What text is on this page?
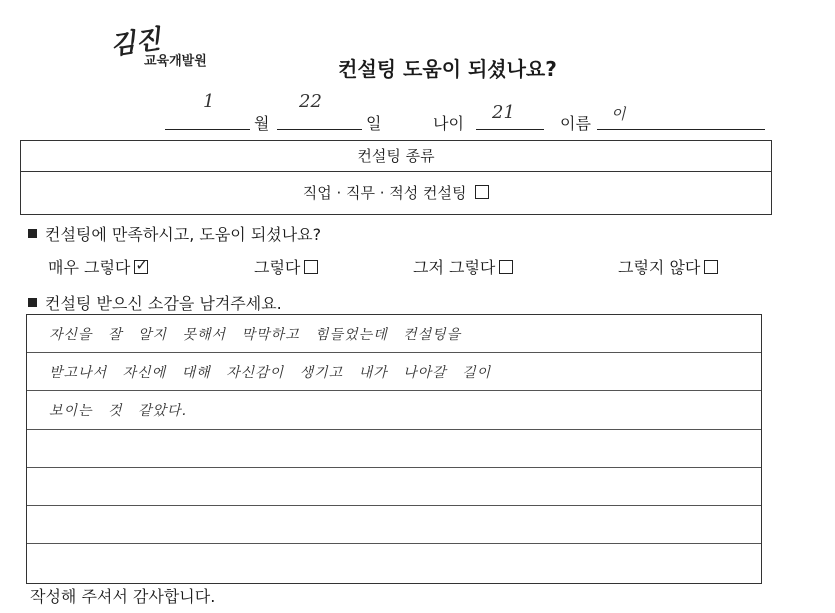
김진
교육개발원	컨설팅 도움이 되셨나요?
1
월
22
일	나이
21
이름 이
컨설팅 종류
직업 · 직무 · 적성 컨설팅
컨설팅에 만족하시고, 도움이 되셨나요?
매우 그렇다✓	그렇다	그저 그렇다	그렇지 않다
컨설팅 받으신 소감을 남겨주세요.
자신을 잘 알지 못해서 막막하고 힘들었는데 컨설팅을
받고나서 자신에 대해 자신감이 생기고 내가 나아갈 길이
보이는 것 같았다.
작성해 주셔서 감사합니다.
